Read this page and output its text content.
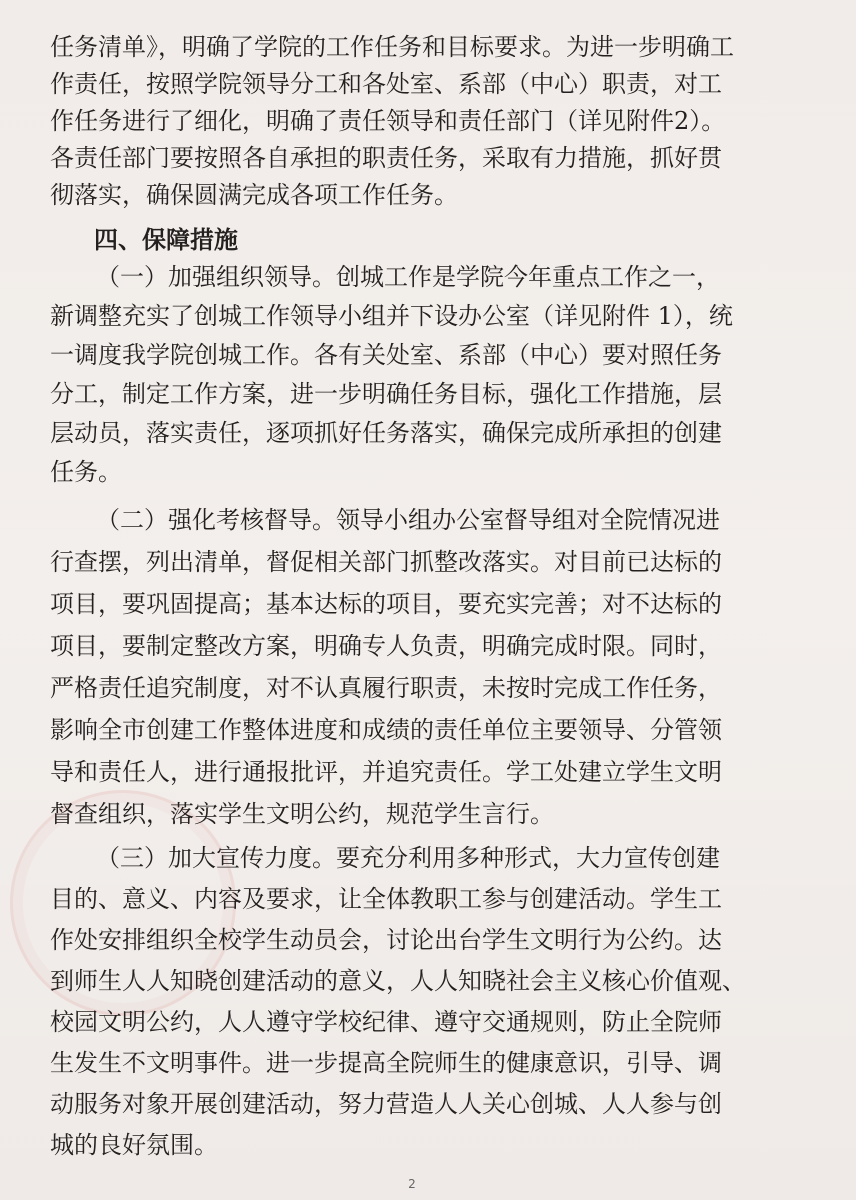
任务清单》，明确了学院的工作任务和目标要求。为进一步明确工
作责任，按照学院领导分工和各处室、系部（中心）职责，对工
作任务进行了细化，明确了责任领导和责任部门（详见附件2）。
各责任部门要按照各自承担的职责任务，采取有力措施，抓好贯
彻落实，确保圆满完成各项工作任务。
四、保障措施
（一）加强组织领导。创城工作是学院今年重点工作之一，
新调整充实了创城工作领导小组并下设办公室（详见附件 1），统
一调度我学院创城工作。各有关处室、系部（中心）要对照任务
分工，制定工作方案，进一步明确任务目标，强化工作措施，层
层动员，落实责任，逐项抓好任务落实，确保完成所承担的创建
任务。
（二）强化考核督导。领导小组办公室督导组对全院情况进
行查摆，列出清单，督促相关部门抓整改落实。对目前已达标的
项目，要巩固提高；基本达标的项目，要充实完善；对不达标的
项目，要制定整改方案，明确专人负责，明确完成时限。同时，
严格责任追究制度，对不认真履行职责，未按时完成工作任务，
影响全市创建工作整体进度和成绩的责任单位主要领导、分管领
导和责任人，进行通报批评，并追究责任。学工处建立学生文明
督查组织，落实学生文明公约，规范学生言行。
（三）加大宣传力度。要充分利用多种形式，大力宣传创建
目的、意义、内容及要求，让全体教职工参与创建活动。学生工
作处安排组织全校学生动员会，讨论出台学生文明行为公约。达
到师生人人知晓创建活动的意义，人人知晓社会主义核心价值观、
校园文明公约，人人遵守学校纪律、遵守交通规则，防止全院师
生发生不文明事件。进一步提高全院师生的健康意识，引导、调
动服务对象开展创建活动，努力营造人人关心创城、人人参与创
城的良好氛围。
2
